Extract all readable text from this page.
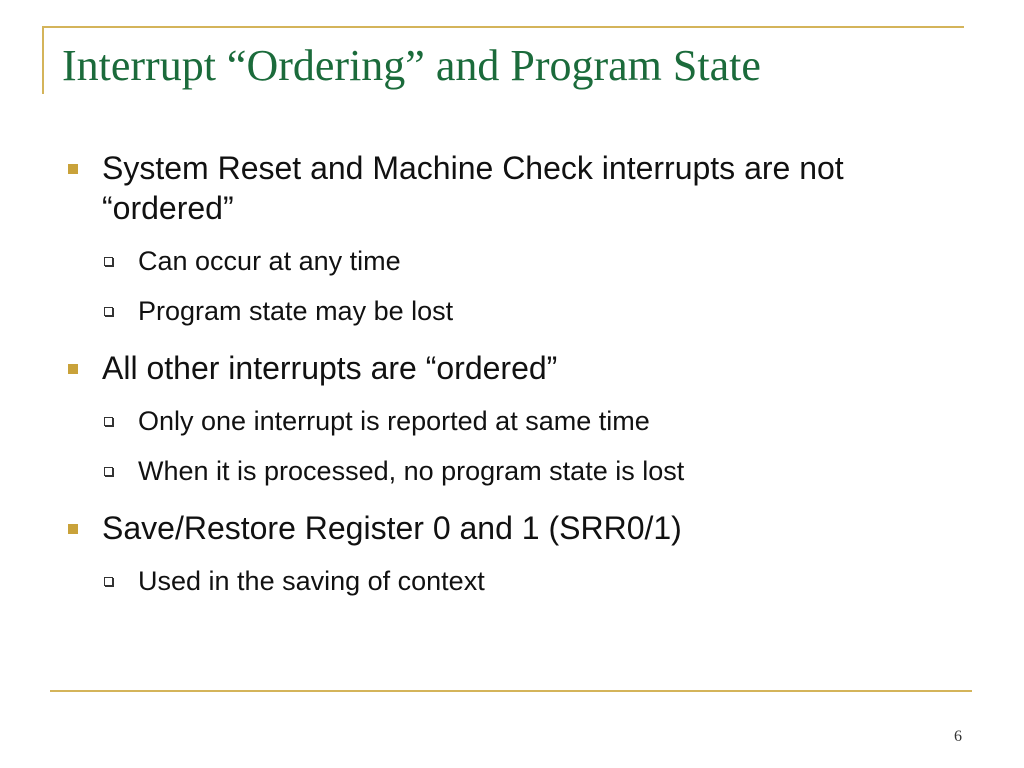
Interrupt “Ordering” and Program State
System Reset and Machine Check interrupts are not “ordered”
Can occur at any time
Program state may be lost
All other interrupts are “ordered”
Only one interrupt is reported at same time
When it is processed, no program state is lost
Save/Restore Register 0 and 1 (SRR0/1)
Used in the saving of context
6
